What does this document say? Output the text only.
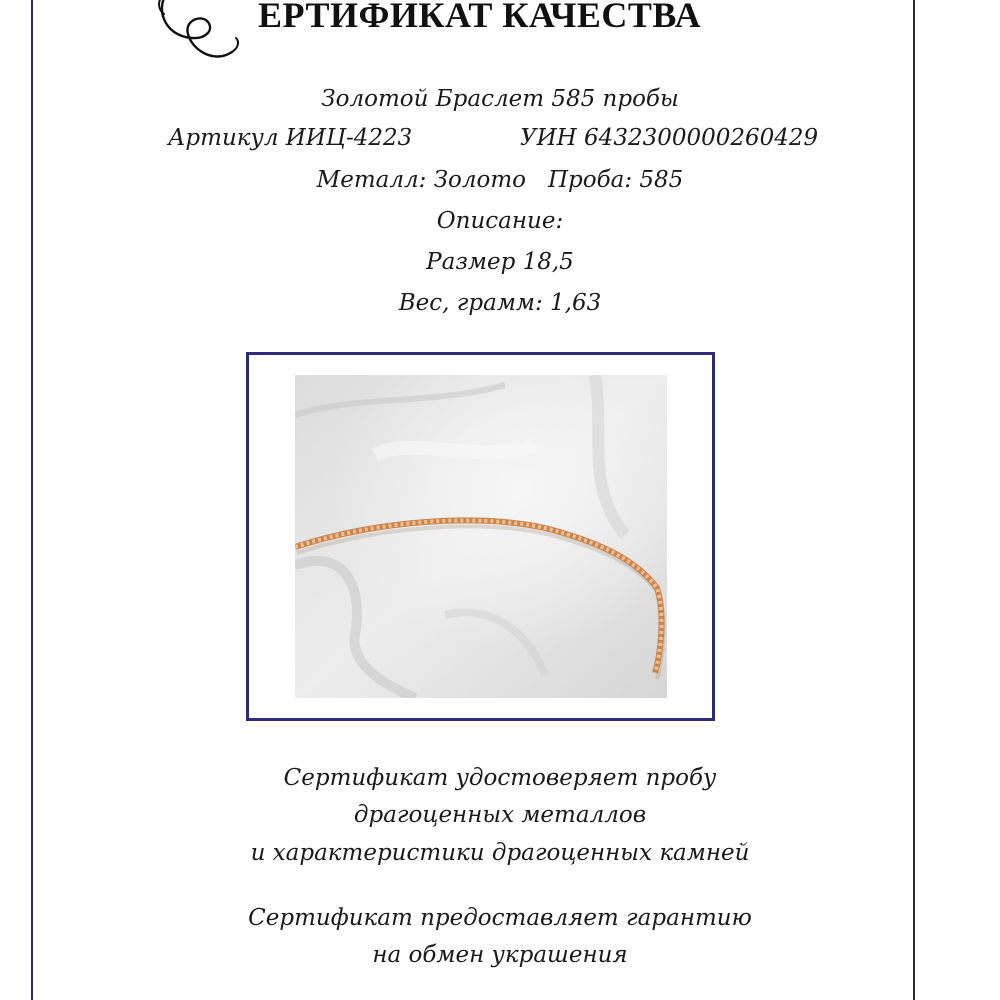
ЕРТИФИКАТ КАЧЕСТВА
Золотой Браслет 585 пробы
Артикул ИИЦ-4223	УИН 6432300000260429
Металл: Золото   Проба: 585
Описание:
Размер 18,5
Вес, грамм: 1,63
Сертификат удостоверяет пробу
драгоценных металлов
и характеристики драгоценных камней
Сертификат предоставляет гарантию
на обмен украшения
